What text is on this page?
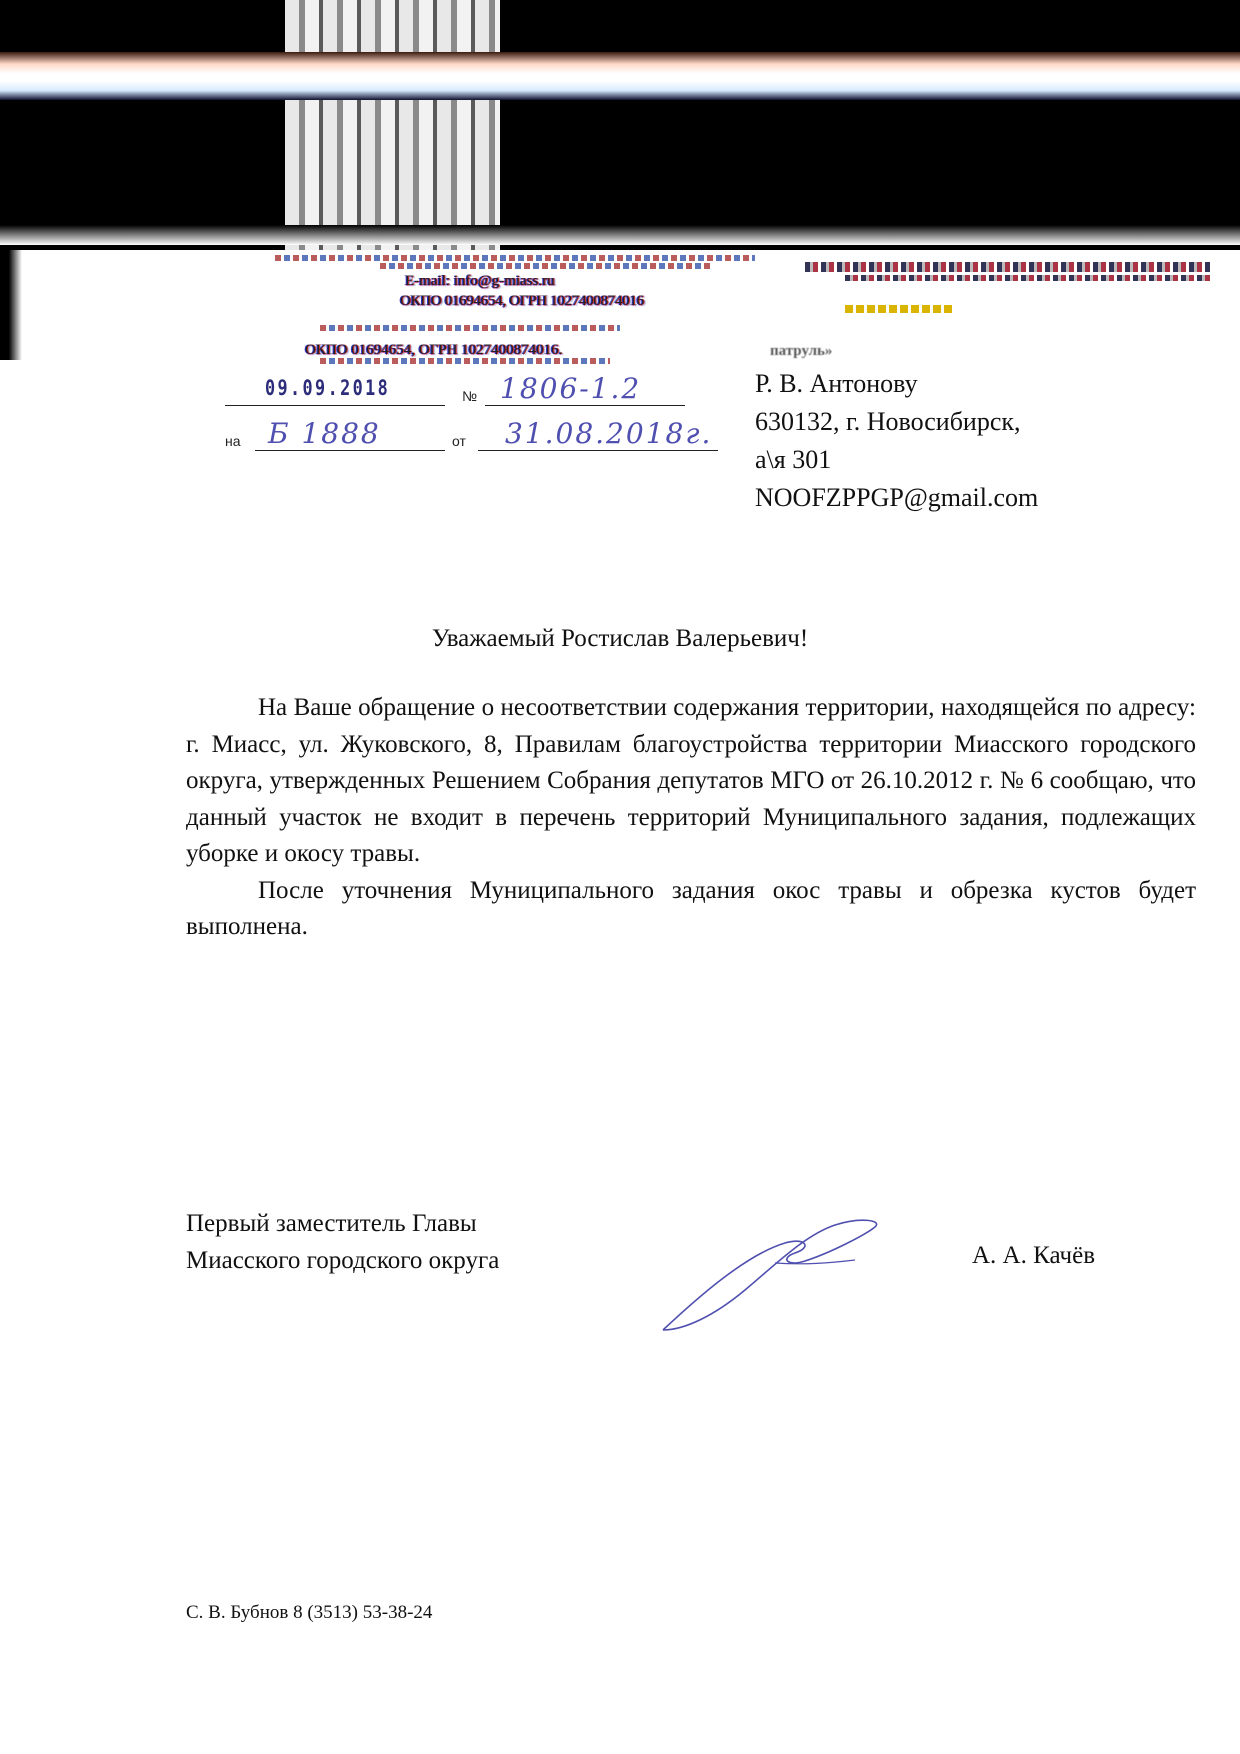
E-mail: info@g-miass.ru
ОКПО 01694654, ОГРН 1027400874016
ОКПО 01694654, ОГРН 1027400874016.	патруль»
09.09.2018	№ 1806-1.2
на Б 1888	от 31.08.2018г.
Р. В. Антонову
630132, г. Новосибирск,
а\я 301
NOOFZPPGP@gmail.com
Уважаемый Ростислав Валерьевич!

На Ваше обращение о несоответствии содержания территории, находящейся по адресу: г. Миасс, ул. Жуковского, 8, Правилам благоустройства территории Миасского городского округа, утвержденных Решением Собрания депутатов МГО от 26.10.2012 г. № 6 сообщаю, что данный участок не входит в перечень территорий Муниципального задания, подлежащих уборке и окосу травы.

После уточнения Муниципального задания окос травы и обрезка кустов будет выполнена.

Первый заместитель Главы
Миасского городского округа	А. А. Качёв
С. В. Бубнов 8 (3513) 53-38-24
